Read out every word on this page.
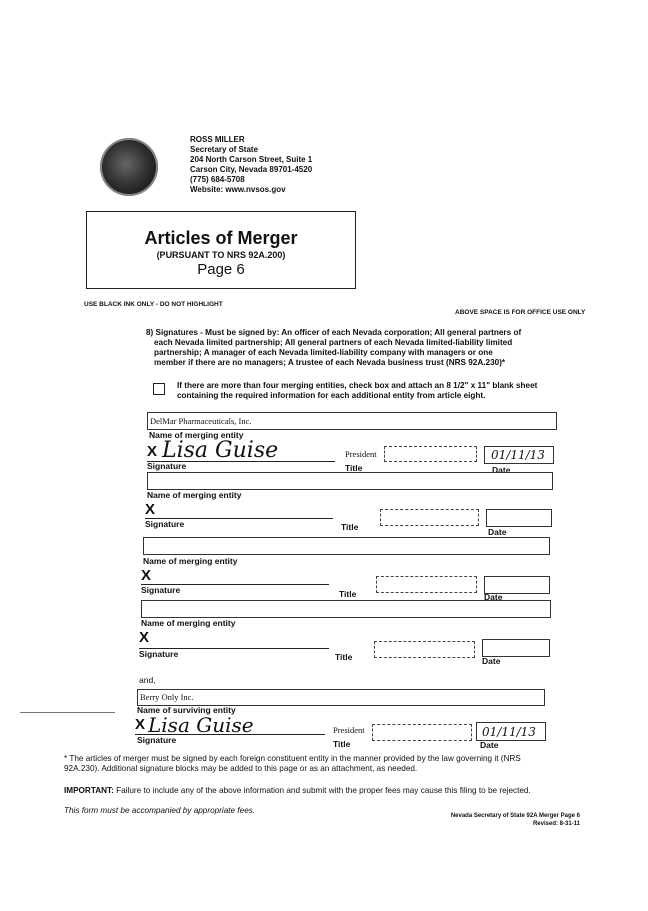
ROSS MILLER
Secretary of State
204 North Carson Street, Suite 1
Carson City, Nevada 89701-4520
(775) 684-5708
Website: www.nvsos.gov
Articles of Merger
(PURSUANT TO NRS 92A.200)
Page 6
USE BLACK INK ONLY - DO NOT HIGHLIGHT
ABOVE SPACE IS FOR OFFICE USE ONLY
8) Signatures - Must be signed by: An officer of each Nevada corporation; All general partners of
each Nevada limited partnership; All general partners of each Nevada limited-liability limited
partnership; A manager of each Nevada limited-liability company with managers or one
member if there are no managers; A trustee of each Nevada business trust (NRS 92A.230)*
If there are more than four merging entities, check box and attach an 8 1/2" x 11" blank sheet
containing the required information for each additional entity from article eight.
DelMar Pharmaceuticals, Inc.
Name of merging entity
X Lisa Guise
Signature
President
Title
01/11/13
Date
Name of merging entity
X
Signature	Title	Date
Name of merging entity
X
Signature	Title	Date
Name of merging entity
X
Signature	Title	Date
and,
Berry Only Inc.
Name of surviving entity
X Lisa Guise
Signature
President
Title
01/11/13
Date
* The articles of merger must be signed by each foreign constituent entity in the manner provided by the law governing it (NRS
92A.230). Additional signature blocks may be added to this page or as an attachment, as needed.
IMPORTANT: Failure to include any of the above information and submit with the proper fees may cause this filing to be rejected.
This form must be accompanied by appropriate fees.
Nevada Secretary of State 92A Merger Page 6
Revised: 8-31-11
